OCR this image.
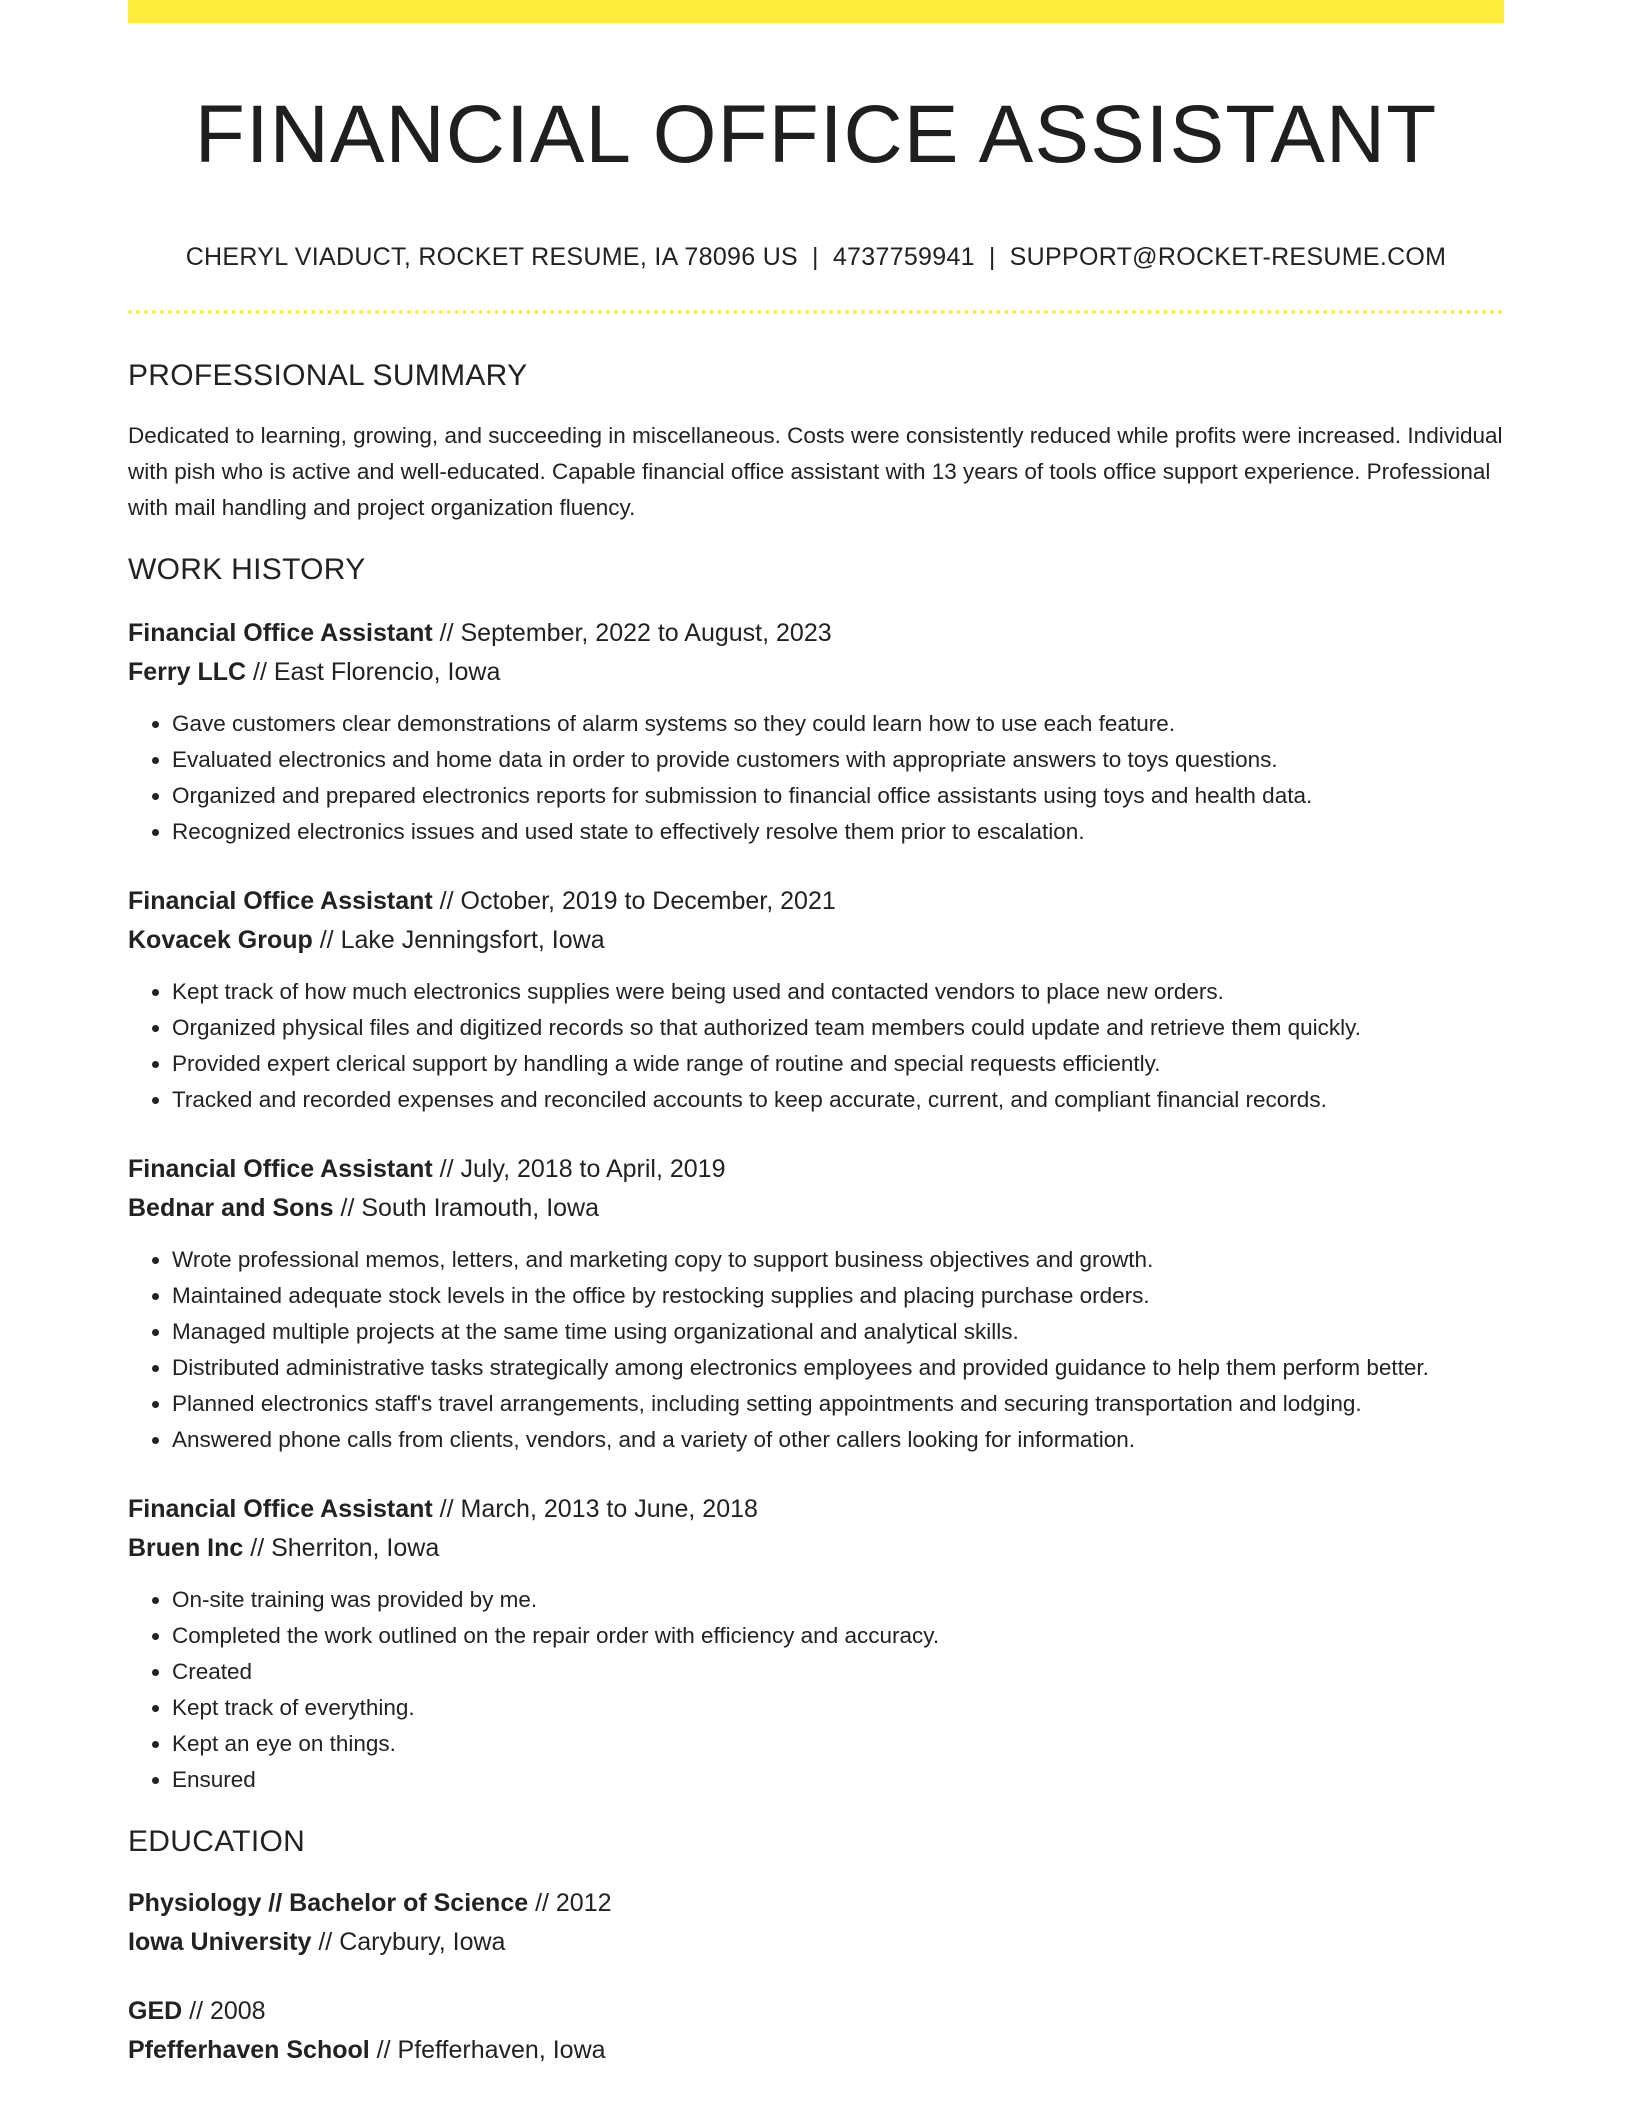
FINANCIAL OFFICE ASSISTANT
CHERYL VIADUCT, ROCKET RESUME, IA 78096 US | 4737759941 | SUPPORT@ROCKET-RESUME.COM
PROFESSIONAL SUMMARY
Dedicated to learning, growing, and succeeding in miscellaneous. Costs were consistently reduced while profits were increased. Individual with pish who is active and well-educated. Capable financial office assistant with 13 years of tools office support experience. Professional with mail handling and project organization fluency.
WORK HISTORY
Financial Office Assistant // September, 2022 to August, 2023
Ferry LLC // East Florencio, Iowa
• Gave customers clear demonstrations of alarm systems so they could learn how to use each feature.
• Evaluated electronics and home data in order to provide customers with appropriate answers to toys questions.
• Organized and prepared electronics reports for submission to financial office assistants using toys and health data.
• Recognized electronics issues and used state to effectively resolve them prior to escalation.
Financial Office Assistant // October, 2019 to December, 2021
Kovacek Group // Lake Jenningsfort, Iowa
• Kept track of how much electronics supplies were being used and contacted vendors to place new orders.
• Organized physical files and digitized records so that authorized team members could update and retrieve them quickly.
• Provided expert clerical support by handling a wide range of routine and special requests efficiently.
• Tracked and recorded expenses and reconciled accounts to keep accurate, current, and compliant financial records.
Financial Office Assistant // July, 2018 to April, 2019
Bednar and Sons // South Iramouth, Iowa
• Wrote professional memos, letters, and marketing copy to support business objectives and growth.
• Maintained adequate stock levels in the office by restocking supplies and placing purchase orders.
• Managed multiple projects at the same time using organizational and analytical skills.
• Distributed administrative tasks strategically among electronics employees and provided guidance to help them perform better.
• Planned electronics staff's travel arrangements, including setting appointments and securing transportation and lodging.
• Answered phone calls from clients, vendors, and a variety of other callers looking for information.
Financial Office Assistant // March, 2013 to June, 2018
Bruen Inc // Sherriton, Iowa
• On-site training was provided by me.
• Completed the work outlined on the repair order with efficiency and accuracy.
• Created
• Kept track of everything.
• Kept an eye on things.
• Ensured
EDUCATION
Physiology // Bachelor of Science // 2012
Iowa University // Carybury, Iowa
GED // 2008
Pfefferhaven School // Pfefferhaven, Iowa
